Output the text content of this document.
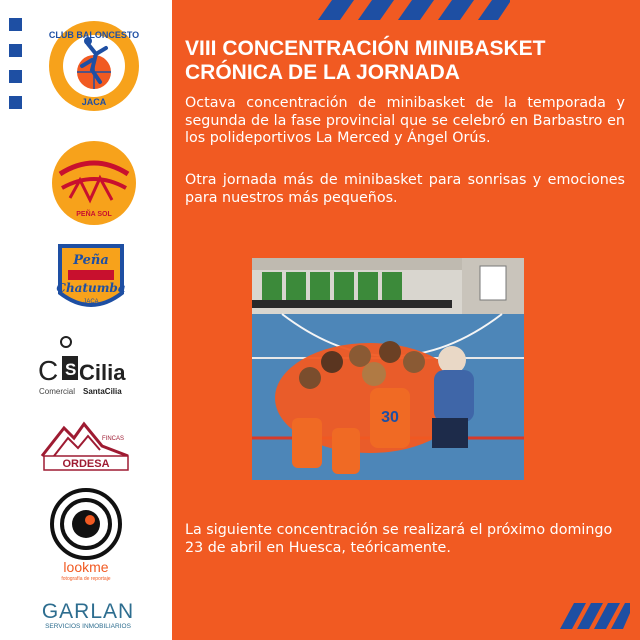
CLUB BALONCESTO
JACA
PEÑA SOL
Peña
Chatumba
JACA
C S Cilia
Comercial SantaCilia
FINCAS
ORDESA
lookme
fotografía de reportaje
GARLAN
SERVICIOS INMOBILIARIOS
VIII CONCENTRACIÓN MINIBASKET
CRÓNICA DE LA JORNADA

Octava concentración de minibasket de la temporada y segunda de la fase provincial que se celebró en Barbastro en los polideportivos La Merced y Ángel Orús.

Otra jornada más de minibasket para sonrisas y emociones para nuestros más pequeños.

30

La siguiente concentración se realizará el próximo domingo 23 de abril en Huesca, teóricamente.
